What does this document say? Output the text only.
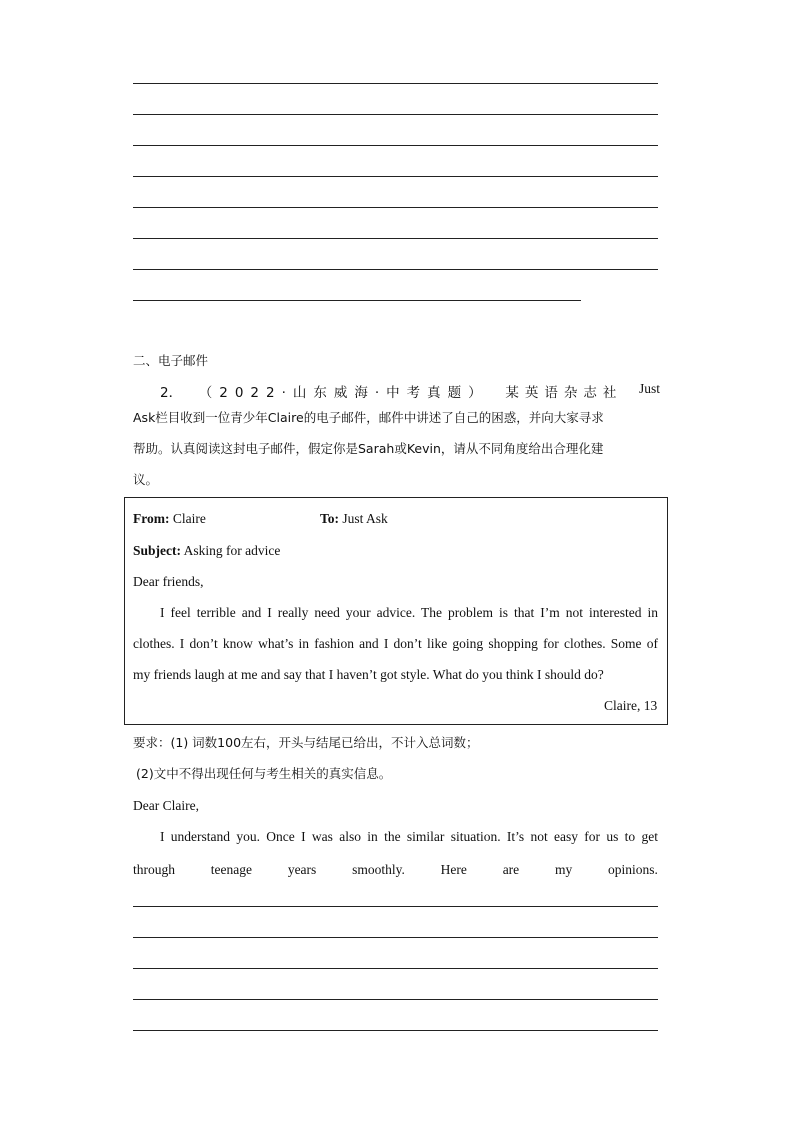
二、电子邮件
2． （2022·山东威海·中考真题） 某英语杂志社 Just
Ask栏目收到一位青少年Claire的电子邮件，邮件中讲述了自己的困惑，并向大家寻求
帮助。认真阅读这封电子邮件，假定你是Sarah或Kevin，请从不同角度给出合理化建
议。
From: Claire	To: Just Ask
Subject: Asking for advice
Dear friends,
I feel terrible and I really need your advice. The problem is that I’m not interested in
clothes. I don’t know what’s in fashion and I don’t like going shopping for clothes. Some of
my friends laugh at me and say that I haven’t got style. What do you think I should do?
Claire, 13
要求：(1) 词数100左右，开头与结尾已给出，不计入总词数；
(2)文中不得出现任何与考生相关的真实信息。
Dear Claire,
I understand you. Once I was also in the similar situation. It’s not easy for us to get
through	teenage	years	smoothly.	Here	are	my	opinions.
